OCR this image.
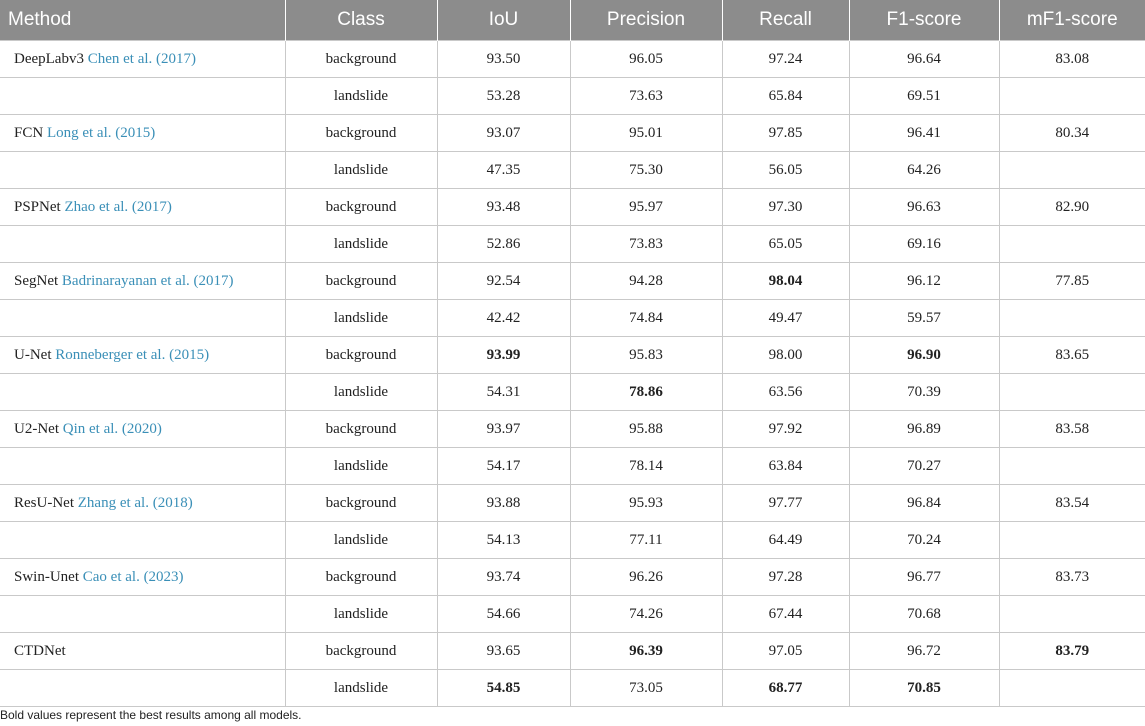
Method	Class	IoU	Precision	Recall	F1-score	mF1-score
DeepLabv3 Chen et al. (2017)	background	93.50	96.05	97.24	96.64	83.08
	landslide	53.28	73.63	65.84	69.51	
FCN Long et al. (2015)	background	93.07	95.01	97.85	96.41	80.34
	landslide	47.35	75.30	56.05	64.26	
PSPNet Zhao et al. (2017)	background	93.48	95.97	97.30	96.63	82.90
	landslide	52.86	73.83	65.05	69.16	
SegNet Badrinarayanan et al. (2017)	background	92.54	94.28	98.04	96.12	77.85
	landslide	42.42	74.84	49.47	59.57	
U-Net Ronneberger et al. (2015)	background	93.99	95.83	98.00	96.90	83.65
	landslide	54.31	78.86	63.56	70.39	
U2-Net Qin et al. (2020)	background	93.97	95.88	97.92	96.89	83.58
	landslide	54.17	78.14	63.84	70.27	
ResU-Net Zhang et al. (2018)	background	93.88	95.93	97.77	96.84	83.54
	landslide	54.13	77.11	64.49	70.24	
Swin-Unet Cao et al. (2023)	background	93.74	96.26	97.28	96.77	83.73
	landslide	54.66	74.26	67.44	70.68	
CTDNet	background	93.65	96.39	97.05	96.72	83.79
	landslide	54.85	73.05	68.77	70.85	
Bold values represent the best results among all models.
